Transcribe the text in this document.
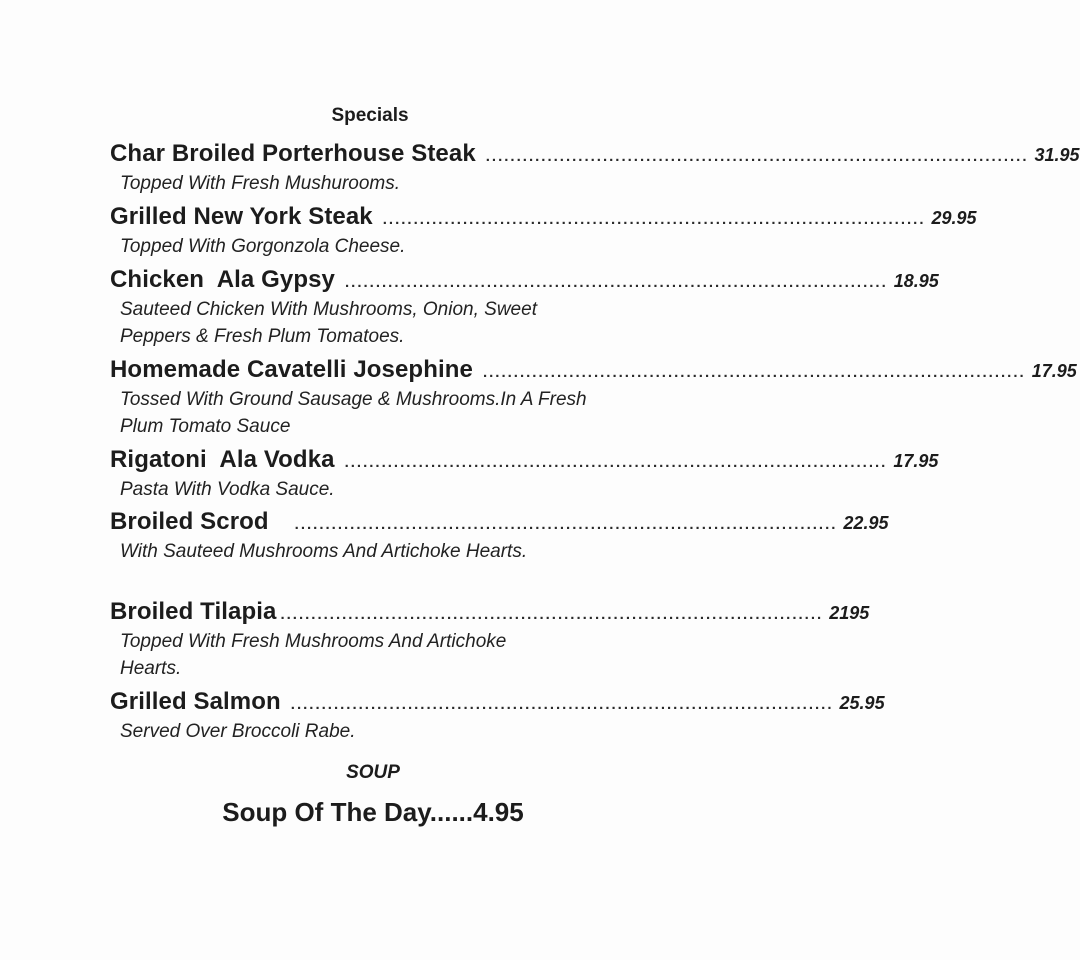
Specials
Char Broiled Porterhouse Steak ........................................................................................ 31.95
Topped With Fresh Mushurooms.
Grilled New York Steak ........................................................................................ 29.95
Topped With Gorgonzola Cheese.
Chicken  Ala Gypsy ........................................................................................ 18.95
Sauteed Chicken With Mushrooms, Onion, Sweet Peppers & Fresh Plum Tomatoes.
Homemade Cavatelli Josephine ........................................................................................ 17.95
Tossed With Ground Sausage & Mushrooms.In A Fresh Plum Tomato Sauce
Rigatoni  Ala Vodka ........................................................................................ 17.95
Pasta With Vodka Sauce.
Broiled Scrod ........................................................................................ 22.95
With Sauteed Mushrooms And Artichoke Hearts.
Broiled Tilapia ........................................................................................ 2195
Topped With Fresh Mushrooms And Artichoke Hearts.
Grilled Salmon ........................................................................................ 25.95
Served Over Broccoli Rabe.
SOUP
Soup Of The Day......4.95
